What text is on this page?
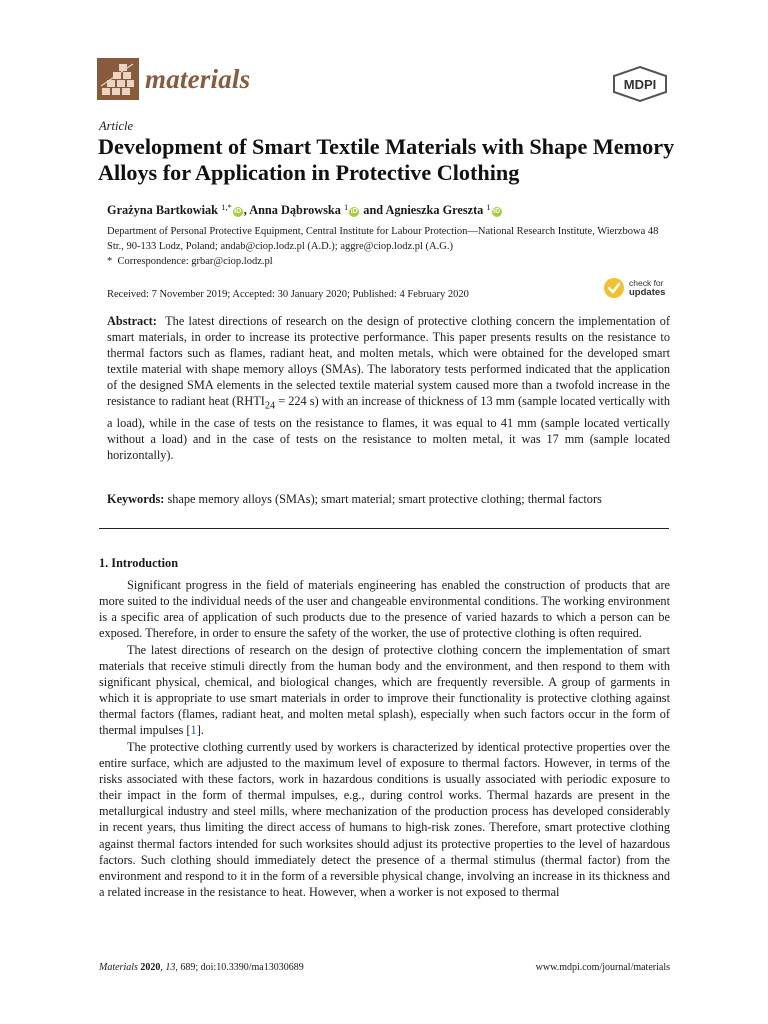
materials	MDPI
Article
Development of Smart Textile Materials with Shape Memory Alloys for Application in Protective Clothing
Grażyna Bartkowiak $^{1,*}$ iD , Anna Dąbrowska $^1$ iD and Agnieszka Greszta $^1$ iD
Department of Personal Protective Equipment, Central Institute for Labour Protection—National Research Institute, Wierzbowa 48 Str., 90-133 Lodz, Poland; andab@ciop.lodz.pl (A.D.); aggre@ciop.lodz.pl (A.G.)
* Correspondence: grbar@ciop.lodz.pl
Received: 7 November 2019; Accepted: 30 January 2020; Published: 4 February 2020
check for
updates

Abstract: The latest directions of research on the design of protective clothing concern the implementation of smart materials, in order to increase its protective performance. This paper presents results on the resistance to thermal factors such as flames, radiant heat, and molten metals, which were obtained for the developed smart textile material with shape memory alloys (SMAs). The laboratory tests performed indicated that the application of the designed SMA elements in the selected textile material system caused more than a twofold increase in the resistance to radiant heat ($RHTI_{24} = 224$ s) with an increase of thickness of 13 mm (sample located vertically with a load), while in the case of tests on the resistance to flames, it was equal to 41 mm (sample located vertically without a load) and in the case of tests on the resistance to molten metal, it was 17 mm (sample located horizontally).

Keywords: shape memory alloys (SMAs); smart material; smart protective clothing; thermal factors
1. Introduction

Significant progress in the field of materials engineering has enabled the construction of products that are more suited to the individual needs of the user and changeable environmental conditions. The working environment is a specific area of application of such products due to the presence of varied hazards to which a person can be exposed. Therefore, in order to ensure the safety of the worker, the use of protective clothing is often required.

The latest directions of research on the design of protective clothing concern the implementation of smart materials that receive stimuli directly from the human body and the environment, and then respond to them with significant physical, chemical, and biological changes, which are frequently reversible. A group of garments in which it is appropriate to use smart materials in order to improve their functionality is protective clothing against thermal factors (flames, radiant heat, and molten metal splash), especially when such factors occur in the form of thermal impulses [1].

The protective clothing currently used by workers is characterized by identical protective properties over the entire surface, which are adjusted to the maximum level of exposure to thermal factors. However, in terms of the risks associated with these factors, work in hazardous conditions is usually associated with periodic exposure to their impact in the form of thermal impulses, e.g., during control works. Thermal hazards are present in the metallurgical industry and steel mills, where mechanization of the production process has developed considerably in recent years, thus limiting the direct access of humans to high-risk zones. Therefore, smart protective clothing against thermal factors intended for such worksites should adjust its protective properties to the level of hazardous factors. Such clothing should immediately detect the presence of a thermal stimulus (thermal factor) from the environment and respond to it in the form of a reversible physical change, involving an increase in its thickness and a related increase in the resistance to heat. However, when a worker is not exposed to thermal

Materials 2020, 13, 689; doi:10.3390/ma13030689	www.mdpi.com/journal/materials
